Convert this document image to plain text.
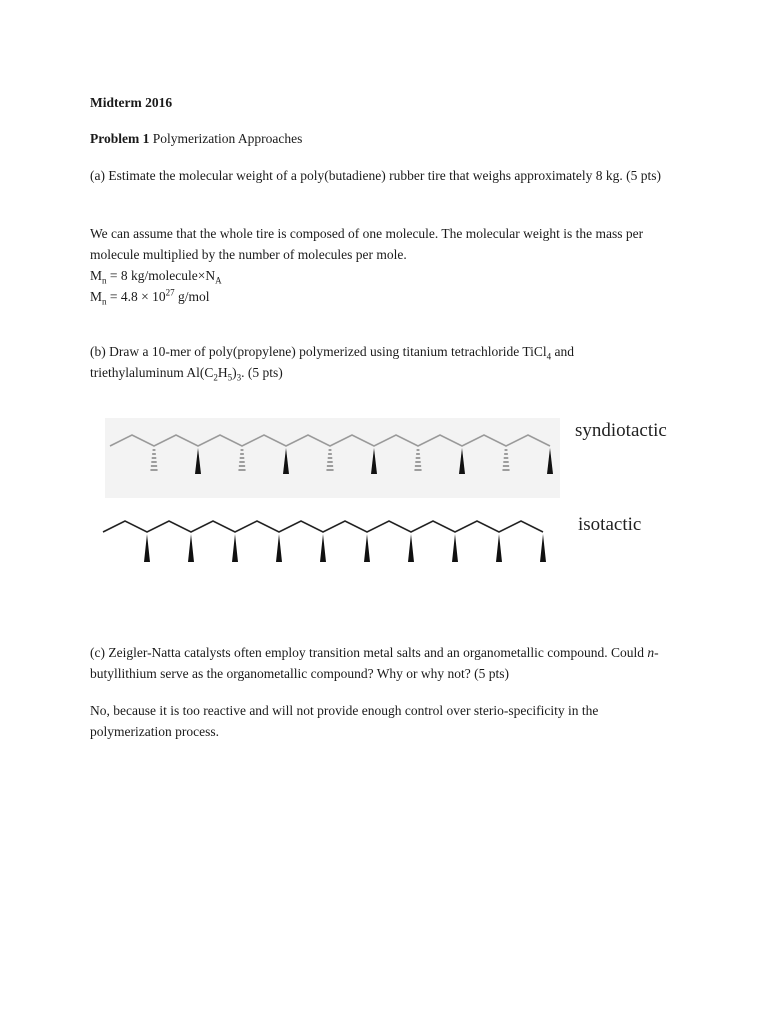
Midterm 2016
Problem 1 Polymerization Approaches
(a) Estimate the molecular weight of a poly(butadiene) rubber tire that weighs approximately 8 kg. (5 pts)
We can assume that the whole tire is composed of one molecule. The molecular weight is the mass per molecule multiplied by the number of molecules per mole.
$M_n = 8$ $kg/molecule\times N_A$
$M_n = 4.8 \times 10^{27}$ g/mol
(b) Draw a 10-mer of poly(propylene) polymerized using titanium tetrachloride TiCl$_4$ and triethylaluminum $Al(C_2H_5)_3$. (5 pts)
syndiotactic
isotactic
(c) Zeigler-Natta catalysts often employ transition metal salts and an organometallic compound. Could n-butyllithium serve as the organometallic compound? Why or why not? (5 pts)
No, because it is too reactive and will not provide enough control over sterio-specificity in the polymerization process.
